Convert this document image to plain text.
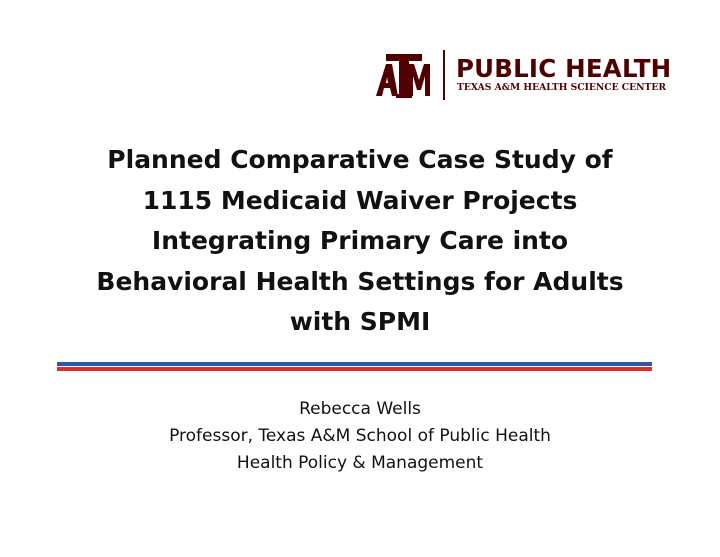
PUBLIC HEALTH
TEXAS A&M HEALTH SCIENCE CENTER
Planned Comparative Case Study of
1115 Medicaid Waiver Projects
Integrating Primary Care into
Behavioral Health Settings for Adults
with SPMI
Rebecca Wells
Professor, Texas A&M School of Public Health
Health Policy & Management
